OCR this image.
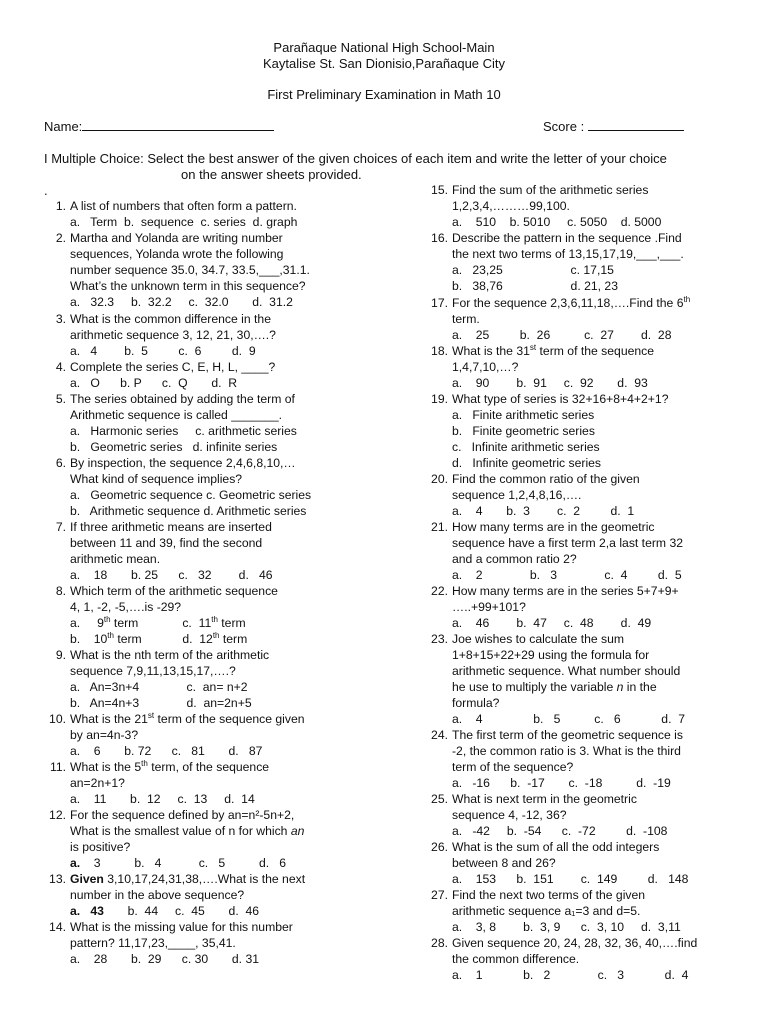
Parañaque National High School-Main
Kaytalise St. San Dionisio,Parañaque City
First Preliminary Examination in Math 10
Name:	Score :
I Multiple Choice: Select the best answer of the given choices of each item and write the letter of your choice
on the answer sheets provided.
.
1. A list of numbers that often form a pattern.
a.   Term  b.  sequence  c. series  d. graph
2. Martha and Yolanda are writing number
sequences, Yolanda wrote the following
number sequence 35.0, 34.7, 33.5,___,31.1.
What’s the unknown term in this sequence?
a.   32.3     b.  32.2     c.  32.0       d.  31.2
3. What is the common difference in the
arithmetic sequence 3, 12, 21, 30,….?
a.   4        b.  5         c.  6         d.  9
4. Complete the series C, E, H, L, ____?
a.   O      b. P      c.  Q       d.  R
5. The series obtained by adding the term of
Arithmetic sequence is called _______.
a.   Harmonic series     c. arithmetic series
b.   Geometric series   d. infinite series
6. By inspection, the sequence 2,4,6,8,10,…
What kind of sequence implies?
a.   Geometric sequence c. Geometric series
b.   Arithmetic sequence d. Arithmetic series
7. If three arithmetic means are inserted
between 11 and 39, find the second
arithmetic mean.
a.    18       b. 25      c.   32        d.   46
8. Which term of the arithmetic sequence
4, 1, -2, -5,….is -29?
a.     9th term             c.  11th term
b.    10th term            d.  12th term
9. What is the nth term of the arithmetic
sequence 7,9,11,13,15,17,….?
a.   An=3n+4              c.  an= n+2
b.   An=4n+3              d.  an=2n+5
10. What is the 21st term of the sequence given
by an=4n-3?
a.    6       b. 72      c.   81       d.   87
11. What is the 5th term, of the sequence
an=2n+1?
a.    11       b.  12     c.  13     d.  14
12. For the sequence defined by an=n²-5n+2,
What is the smallest value of n for which an
is positive?
a.    3          b.   4           c.   5          d.   6
13. Given 3,10,17,24,31,38,….What is the next
number in the above sequence?
a. 43       b.  44     c.  45       d.  46
14. What is the missing value for this number
pattern? 11,17,23,____, 35,41.
a.    28       b.  29      c. 30       d. 31
15. Find the sum of the arithmetic series
1,2,3,4,………99,100.
a.    510    b. 5010     c. 5050    d. 5000
16. Describe the pattern in the sequence .Find
the next two terms of 13,15,17,19,___,___.
a.   23,25                    c. 17,15
b.   38,76                    d. 21, 23
17. For the sequence 2,3,6,11,18,….Find the 6th
term.
a.    25         b.  26          c.  27        d.  28
18. What is the 31st term of the sequence
1,4,7,10,…?
a.    90        b.  91     c.  92       d.  93
19. What type of series is 32+16+8+4+2+1?
a.   Finite arithmetic series
b.   Finite geometric series
c.   Infinite arithmetic series
d.   Infinite geometric series
20. Find the common ratio of the given
sequence 1,2,4,8,16,….
a.    4       b.  3        c.  2         d.  1
21. How many terms are in the geometric
sequence have a first term 2,a last term 32
and a common ratio 2?
a.    2              b.   3              c.  4         d.  5
22. How many terms are in the series 5+7+9+
…..+99+101?
a.    46        b.  47     c.  48        d.  49
23. Joe wishes to calculate the sum
1+8+15+22+29 using the formula for
arithmetic sequence. What number should
he use to multiply the variable n in the
formula?
a.    4               b.   5          c.   6            d.  7
24. The first term of the geometric sequence is
-2, the common ratio is 3. What is the third
term of the sequence?
a.   -16      b.  -17       c.  -18          d.  -19
25. What is next term in the geometric
sequence 4, -12, 36?
a.   -42     b.  -54      c.  -72         d.  -108
26. What is the sum of all the odd integers
between 8 and 26?
a.    153      b.  151        c.  149         d.   148
27. Find the next two terms of the given
arithmetic sequence a₁=3 and d=5.
a.    3, 8        b.  3, 9      c.  3, 10     d.  3,11
28. Given sequence 20, 24, 28, 32, 36, 40,….find
the common difference.
a.    1            b.   2              c.   3            d.  4
